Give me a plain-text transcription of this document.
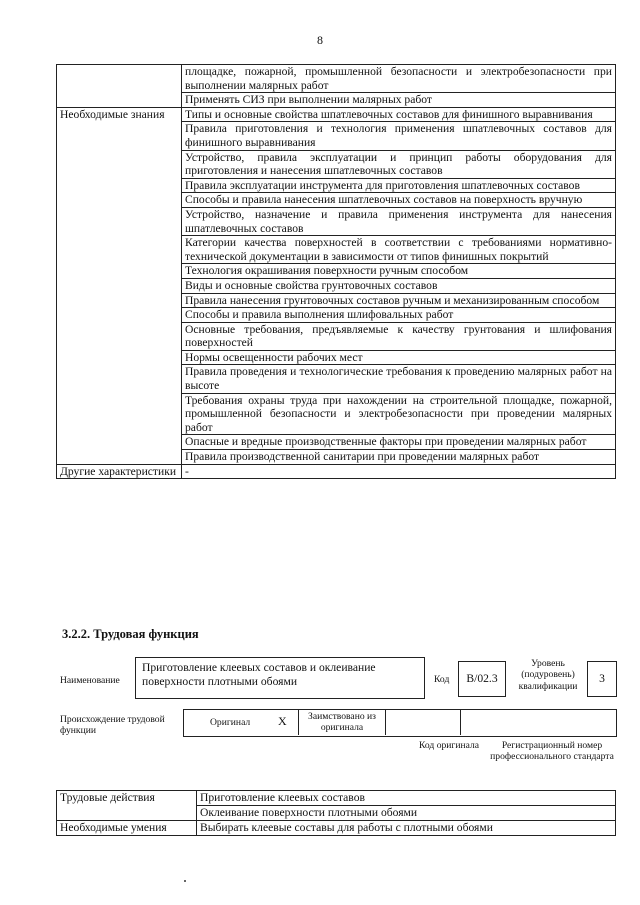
8
	площадке, пожарной, промышленной безопасности и электробезопасности при выполнении малярных работ
	Применять СИЗ при выполнении малярных работ
Необходимые знания	Типы и основные свойства шпатлевочных составов для финишного выравнивания
	Правила приготовления и технология применения шпатлевочных составов для финишного выравнивания
	Устройство, правила эксплуатации и принцип работы оборудования для приготовления и нанесения шпатлевочных составов
	Правила эксплуатации инструмента для приготовления шпатлевочных составов
	Способы и правила нанесения шпатлевочных составов на поверхность вручную
	Устройство, назначение и правила применения инструмента для нанесения шпатлевочных составов
	Категории качества поверхностей в соответствии с требованиями нормативно-технической документации в зависимости от типов финишных покрытий
	Технология окрашивания поверхности ручным способом
	Виды и основные свойства грунтовочных составов
	Правила нанесения грунтовочных составов ручным и механизированным способом
	Способы и правила выполнения шлифовальных работ
	Основные требования, предъявляемые к качеству грунтования и шлифования поверхностей
	Нормы освещенности рабочих мест
	Правила проведения и технологические требования к проведению малярных работ на высоте
	Требования охраны труда при нахождении на строительной площадке, пожарной, промышленной безопасности и электробезопасности при проведении малярных работ
	Опасные и вредные производственные факторы при проведении малярных работ
	Правила производственной санитарии при проведении малярных работ
Другие характеристики	-
3.2.2. Трудовая функция
Наименование
Приготовление клеевых составов и оклеивание поверхности плотными обоями	Код	B/02.3
Уровень (подуровень) квалификации
3
Происхождение трудовой функции
Оригинал X	Заимствовано из оригинала
Код оригинала	Регистрационный номер профессионального стандарта
Трудовые действия	Приготовление клеевых составов
	Оклеивание поверхности плотными обоями
Необходимые умения	Выбирать клеевые составы для работы с плотными обоями
